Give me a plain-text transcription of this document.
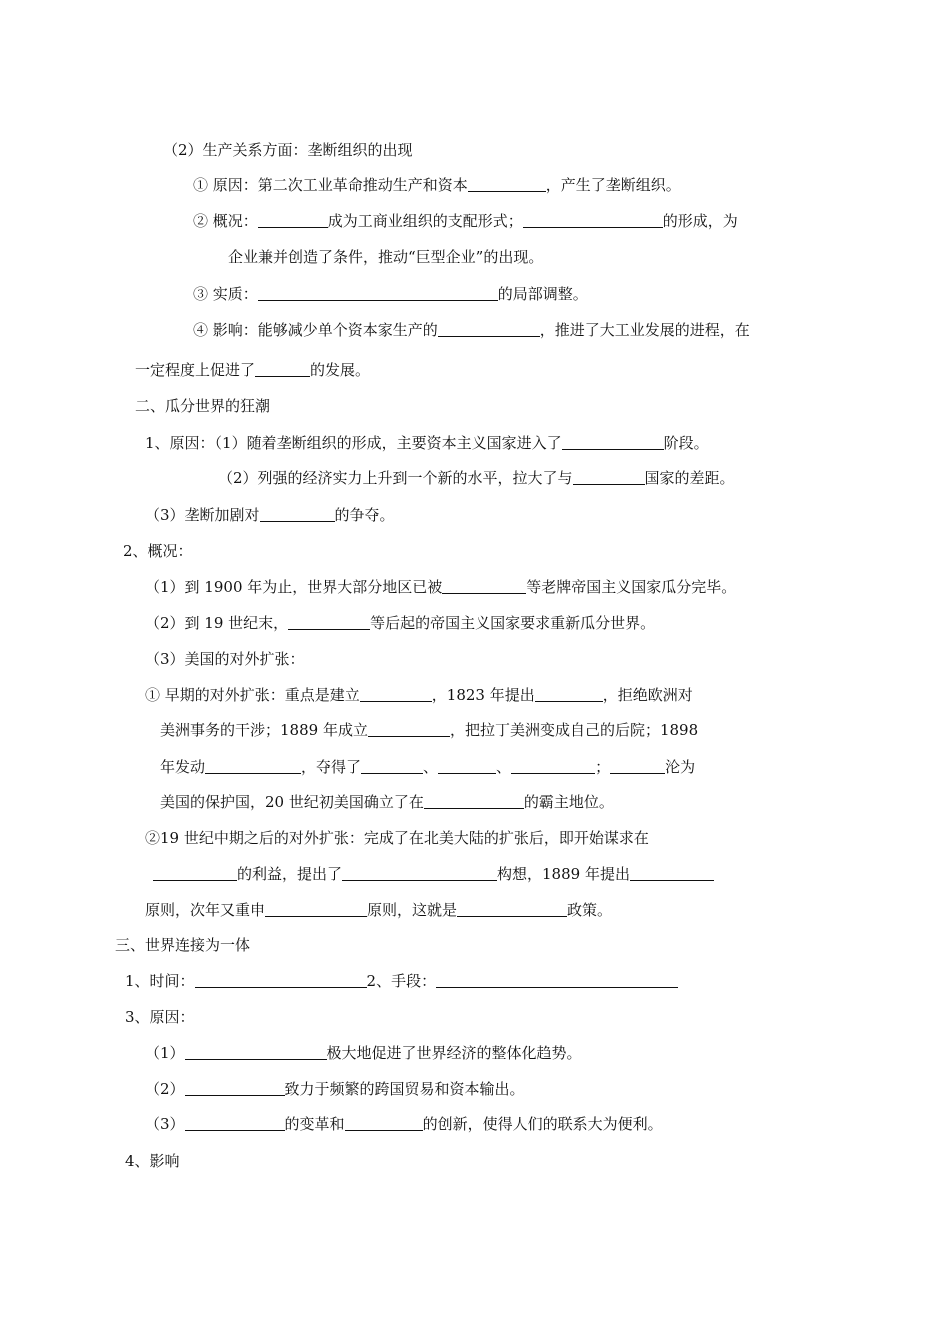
（2）生产关系方面：垄断组织的出现
① 原因：第二次工业革命推动生产和资本	，产生了垄断组织。
② 概况：	成为工商业组织的支配形式；	的形成，为
企业兼并创造了条件，推动“巨型企业”的出现。
③ 实质：	的局部调整。
④ 影响：能够减少单个资本家生产的	，推进了大工业发展的进程，在
一定程度上促进了	的发展。
二、瓜分世界的狂潮
1、原因：（1）随着垄断组织的形成，主要资本主义国家进入了	阶段。
（2）列强的经济实力上升到一个新的水平，拉大了与	国家的差距。
（3）垄断加剧对	的争夺。
2、概况：
（1）到 1900 年为止，世界大部分地区已被	等老牌帝国主义国家瓜分完毕。
（2）到 19 世纪末，	等后起的帝国主义国家要求重新瓜分世界。
（3）美国的对外扩张：
① 早期的对外扩张：重点是建立	，1823 年提出	，拒绝欧洲对
美洲事务的干涉；1889 年成立	，把拉丁美洲变成自己的后院；1898
年发动	，夺得了	、	、	；	沦为
美国的保护国，20 世纪初美国确立了在	的霸主地位。
②19 世纪中期之后的对外扩张：完成了在北美大陆的扩张后，即开始谋求在
的利益，提出了	构想，1889 年提出
原则，次年又重申	原则，这就是	政策。
三、世界连接为一体
1、时间：	2、手段：
3、原因：
（1）	极大地促进了世界经济的整体化趋势。
（2）	致力于频繁的跨国贸易和资本输出。
（3）	的变革和	的创新，使得人们的联系大为便利。
4、影响
